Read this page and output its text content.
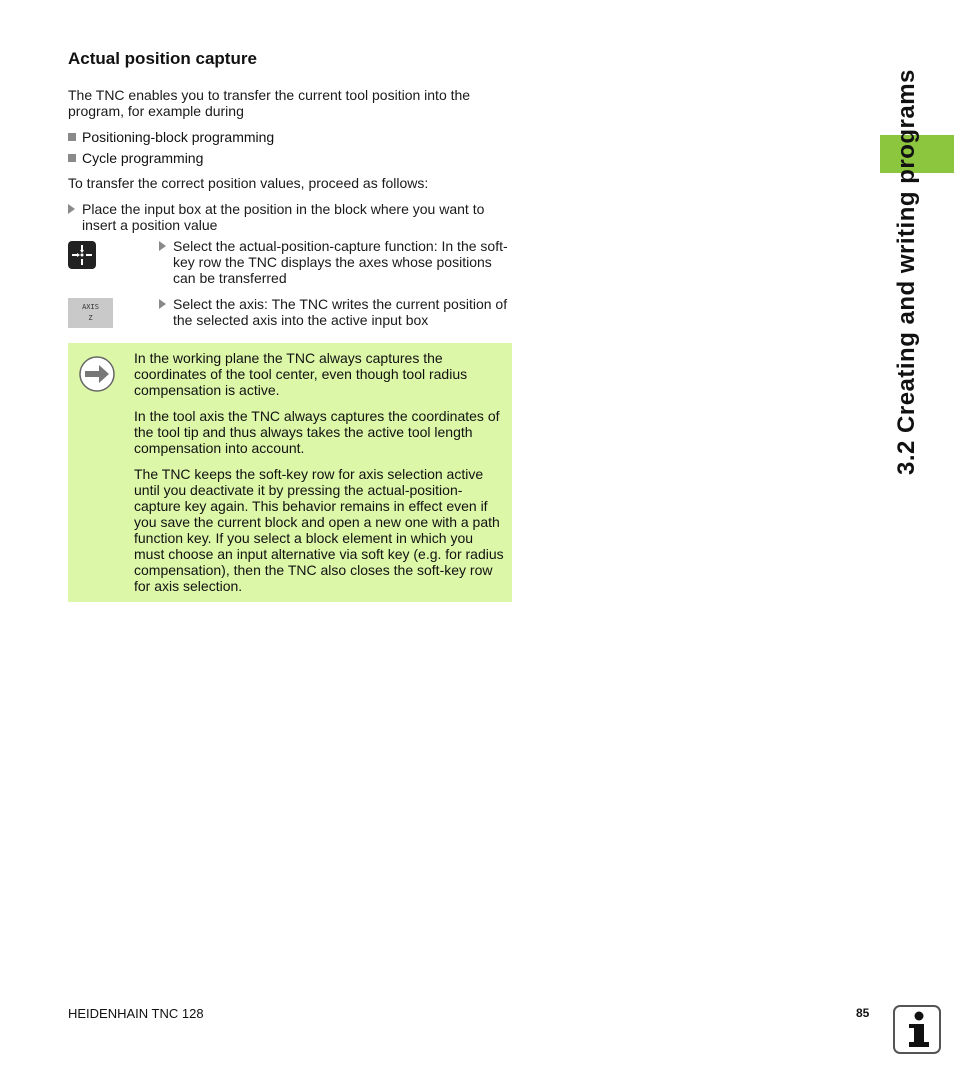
Actual position capture
The TNC enables you to transfer the current tool position into the program, for example during
Positioning-block programming
Cycle programming
To transfer the correct position values, proceed as follows:
Place the input box at the position in the block where you want to insert a position value
Select the actual-position-capture function: In the soft-key row the TNC displays the axes whose positions can be transferred
AXIS
Z
Select the axis: The TNC writes the current position of the selected axis into the active input box

In the working plane the TNC always captures the coordinates of the tool center, even though tool radius compensation is active.

In the tool axis the TNC always captures the coordinates of the tool tip and thus always takes the active tool length compensation into account.

The TNC keeps the soft-key row for axis selection active until you deactivate it by pressing the actual-position-capture key again. This behavior remains in effect even if you save the current block and open a new one with a path function key. If you select a block element in which you must choose an input alternative via soft key (e.g. for radius compensation), then the TNC also closes the soft-key row for axis selection.

3.2 Creating and writing programs
HEIDENHAIN TNC 128	85
